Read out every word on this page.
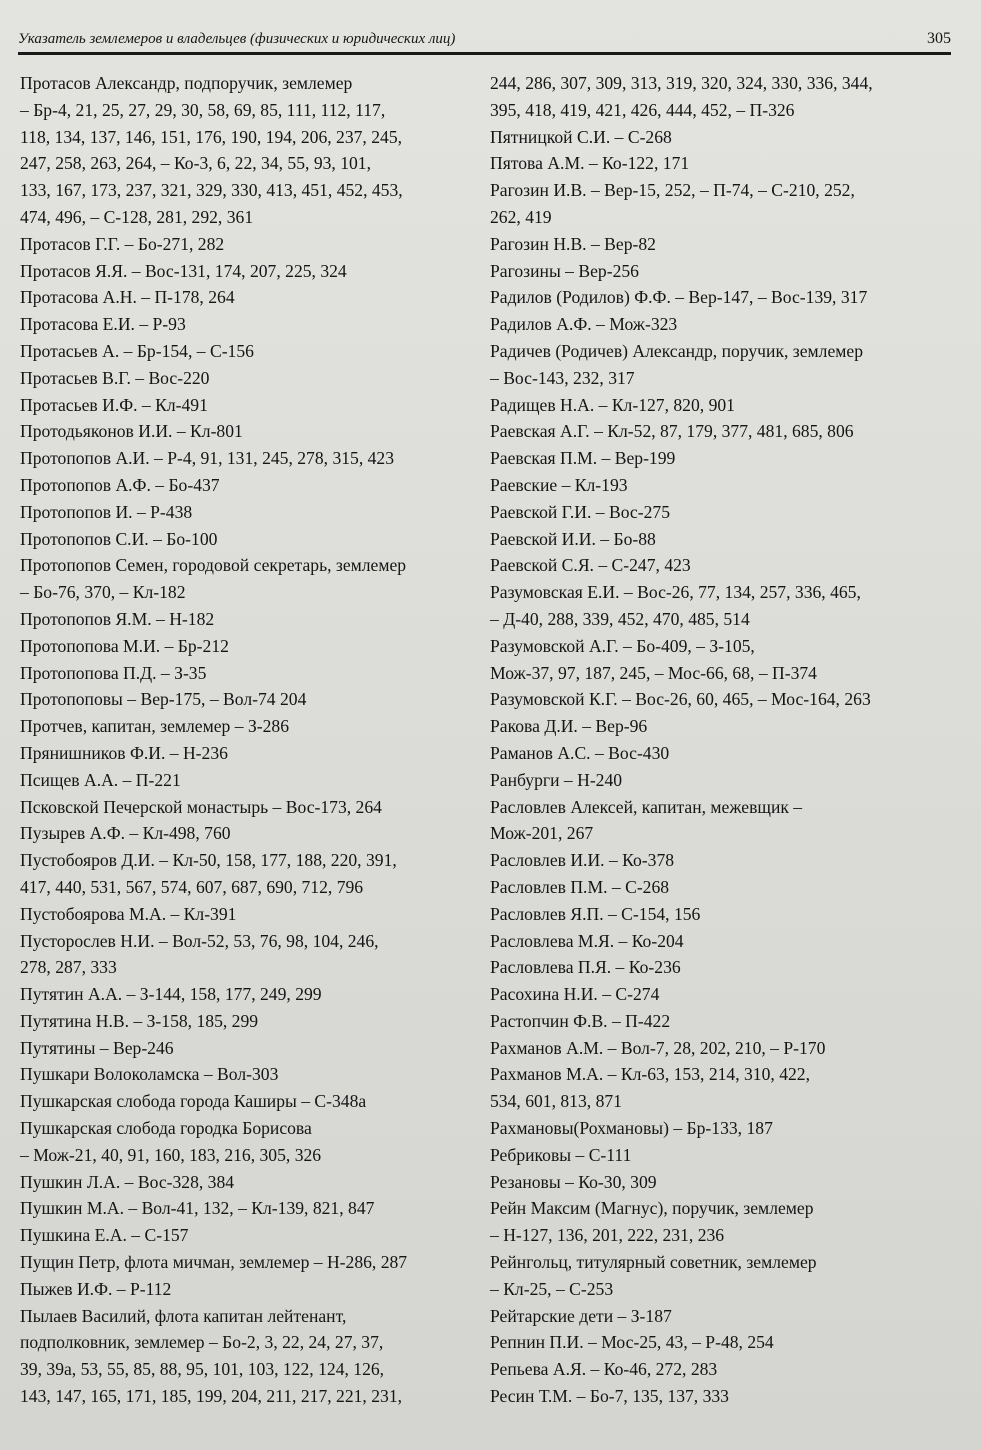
Указатель землемеров и владельцев (физических и юридических лиц)	305

Протасов Александр, подпоручик, землемер

– Бр-4, 21, 25, 27, 29, 30, 58, 69, 85, 111, 112, 117,

118, 134, 137, 146, 151, 176, 190, 194, 206, 237, 245,

247, 258, 263, 264, – Ко-3, 6, 22, 34, 55, 93, 101,

133, 167, 173, 237, 321, 329, 330, 413, 451, 452, 453,

474, 496, – С-128, 281, 292, 361

Протасов Г.Г. – Бо-271, 282

Протасов Я.Я. – Вос-131, 174, 207, 225, 324

Протасова А.Н. – П-178, 264

Протасова Е.И. – Р-93

Протасьев А. – Бр-154, – С-156

Протасьев В.Г. – Вос-220

Протасьев И.Ф. – Кл-491

Протодьяконов И.И. – Кл-801

Протопопов А.И. – Р-4, 91, 131, 245, 278, 315, 423

Протопопов А.Ф. – Бо-437

Протопопов И. – Р-438

Протопопов С.И. – Бо-100

Протопопов Семен, городовой секретарь, землемер

– Бо-76, 370, – Кл-182

Протопопов Я.М. – Н-182

Протопопова М.И. – Бр-212

Протопопова П.Д. – З-35

Протопоповы – Вер-175, – Вол-74 204

Протчев, капитан, землемер – З-286

Прянишников Ф.И. – Н-236

Псищев А.А. – П-221

Псковской Печерской монастырь – Вос-173, 264

Пузырев А.Ф. – Кл-498, 760

Пустобояров Д.И. – Кл-50, 158, 177, 188, 220, 391,

417, 440, 531, 567, 574, 607, 687, 690, 712, 796

Пустобоярова М.А. – Кл-391

Пустороcлев Н.И. – Вол-52, 53, 76, 98, 104, 246,

278, 287, 333

Путятин А.А. – З-144, 158, 177, 249, 299

Путятина Н.В. – З-158, 185, 299

Путятины – Вер-246

Пушкари Волоколамска – Вол-303

Пушкарская слобода города Каширы – С-348а

Пушкарская слобода городка Борисова

– Мож-21, 40, 91, 160, 183, 216, 305, 326

Пушкин Л.А. – Вос-328, 384

Пушкин М.А. – Вол-41, 132, – Кл-139, 821, 847

Пушкина Е.А. – С-157

Пущин Петр, флота мичман, землемер – Н-286, 287

Пыжев И.Ф. – Р-112

Пылаев Василий, флота капитан лейтенант,

подполковник, землемер – Бо-2, 3, 22, 24, 27, 37,

39, 39а, 53, 55, 85, 88, 95, 101, 103, 122, 124, 126,

143, 147, 165, 171, 185, 199, 204, 211, 217, 221, 231,

244, 286, 307, 309, 313, 319, 320, 324, 330, 336, 344,

395, 418, 419, 421, 426, 444, 452, – П-326

Пятницкой С.И. – С-268

Пятова А.М. – Ко-122, 171

Рагозин И.В. – Вер-15, 252, – П-74, – С-210, 252,

262, 419

Рагозин Н.В. – Вер-82

Рагозины – Вер-256

Радилов (Родилов) Ф.Ф. – Вер-147, – Вос-139, 317

Радилов А.Ф. – Мож-323

Радичев (Родичев) Александр, поручик, землемер

– Вос-143, 232, 317

Радищев Н.А. – Кл-127, 820, 901

Раевская А.Г. – Кл-52, 87, 179, 377, 481, 685, 806

Раевская П.М. – Вер-199

Раевские – Кл-193

Раевской Г.И. – Вос-275

Раевской И.И. – Бо-88

Раевской С.Я. – С-247, 423

Разумовская Е.И. – Вос-26, 77, 134, 257, 336, 465,

– Д-40, 288, 339, 452, 470, 485, 514

Разумовской А.Г. – Бо-409, – З-105,

Мож-37, 97, 187, 245, – Мос-66, 68, – П-374

Разумовской К.Г. – Вос-26, 60, 465, – Мос-164, 263

Ракова Д.И. – Вер-96

Раманов А.С. – Вос-430

Ранбурги – Н-240

Расловлев Алексей, капитан, межевщик –

Мож-201, 267

Расловлев И.И. – Ко-378

Расловлев П.М. – С-268

Расловлев Я.П. – С-154, 156

Расловлева М.Я. – Ко-204

Расловлева П.Я. – Ко-236

Расохина Н.И. – С-274

Растопчин Ф.В. – П-422

Рахманов А.М. – Вол-7, 28, 202, 210, – Р-170

Рахманов М.А. – Кл-63, 153, 214, 310, 422,

534, 601, 813, 871

Рахмановы(Рохмановы) – Бр-133, 187

Ребриковы – С-111

Резановы – Ко-30, 309

Рейн Максим (Магнус), поручик, землемер

– Н-127, 136, 201, 222, 231, 236

Рейнгольц, титулярный советник, землемер

– Кл-25, – С-253

Рейтарские дети – З-187

Репнин П.И. – Мос-25, 43, – Р-48, 254

Репьева А.Я. – Ко-46, 272, 283

Ресин Т.М. – Бо-7, 135, 137, 333
